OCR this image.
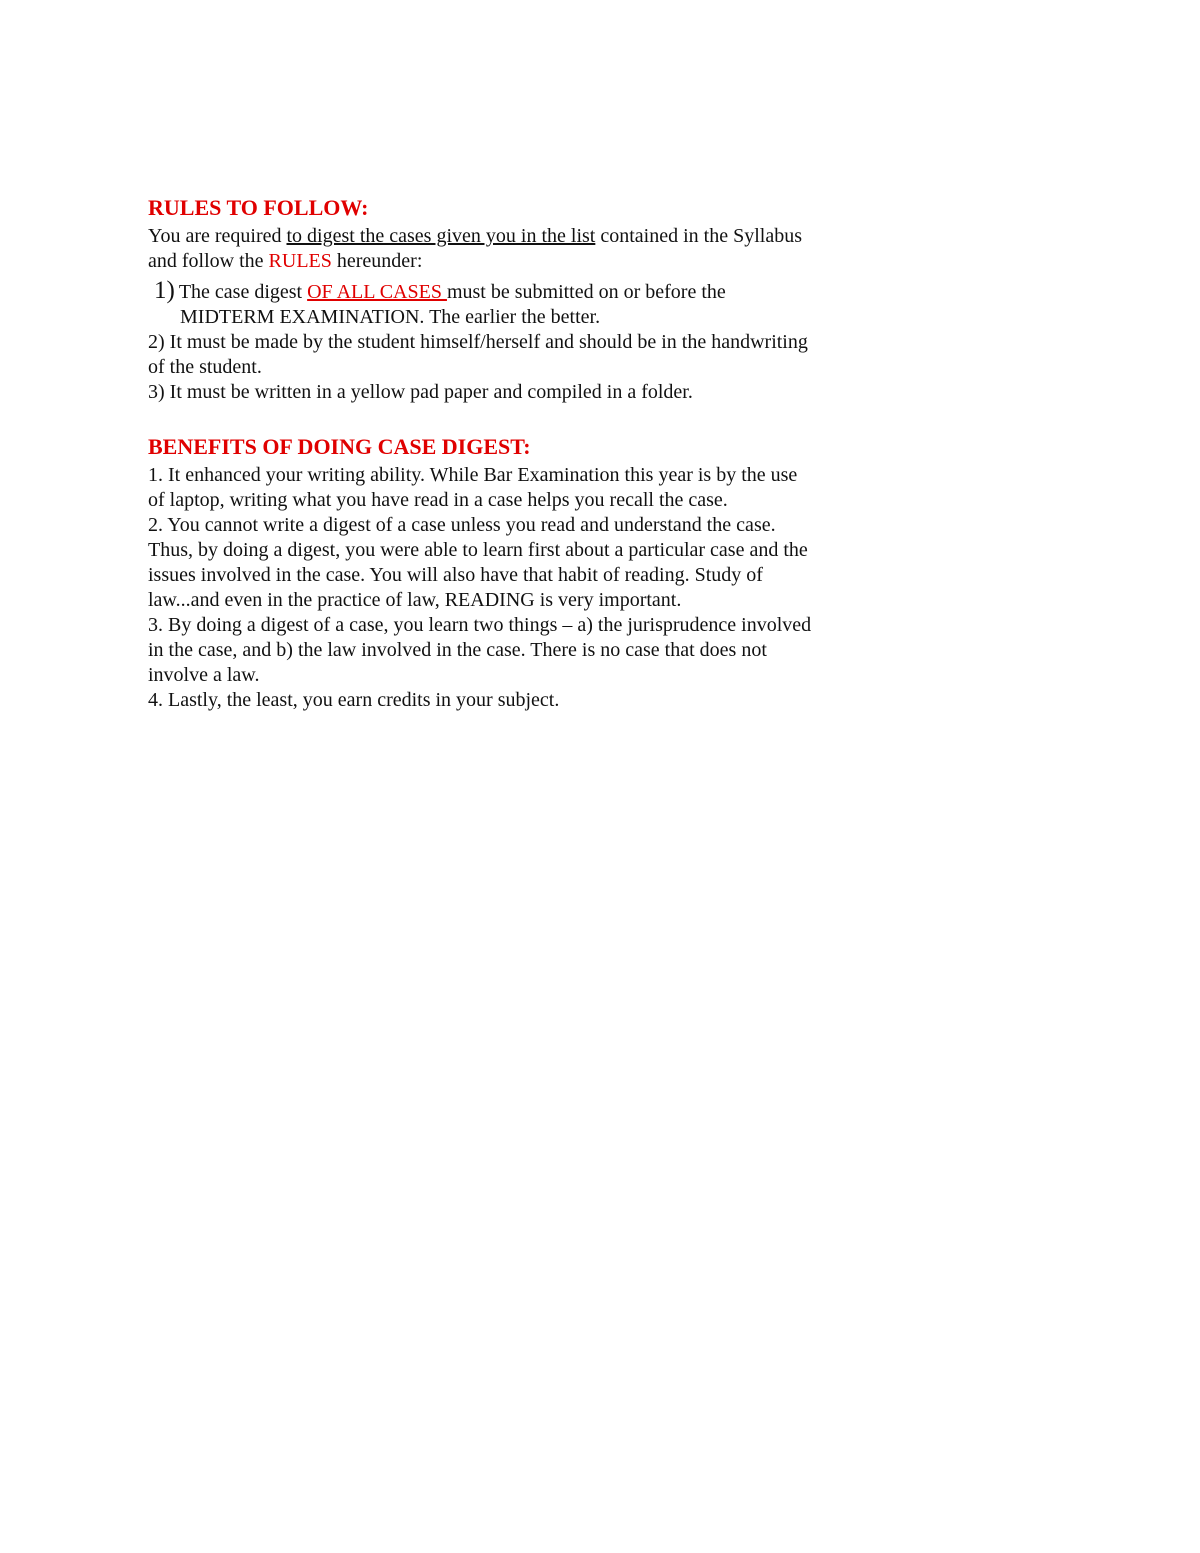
RULES TO FOLLOW:

You are required to digest the cases given you in the list contained in the Syllabus

and follow the RULES hereunder:

1) The case digest OF ALL CASES must be submitted on or before the

MIDTERM EXAMINATION. The earlier the better.

2) It must be made by the student himself/herself and should be in the handwriting

of the student.

3) It must be written in a yellow pad paper and compiled in a folder.

BENEFITS OF DOING CASE DIGEST:

1. It enhanced your writing ability. While Bar Examination this year is by the use

of laptop, writing what you have read in a case helps you recall the case.

2. You cannot write a digest of a case unless you read and understand the case.

Thus, by doing a digest, you were able to learn first about a particular case and the

issues involved in the case. You will also have that habit of reading. Study of

law...and even in the practice of law, READING is very important.

3. By doing a digest of a case, you learn two things – a) the jurisprudence involved

in the case, and b) the law involved in the case. There is no case that does not

involve a law.

4. Lastly, the least, you earn credits in your subject.
